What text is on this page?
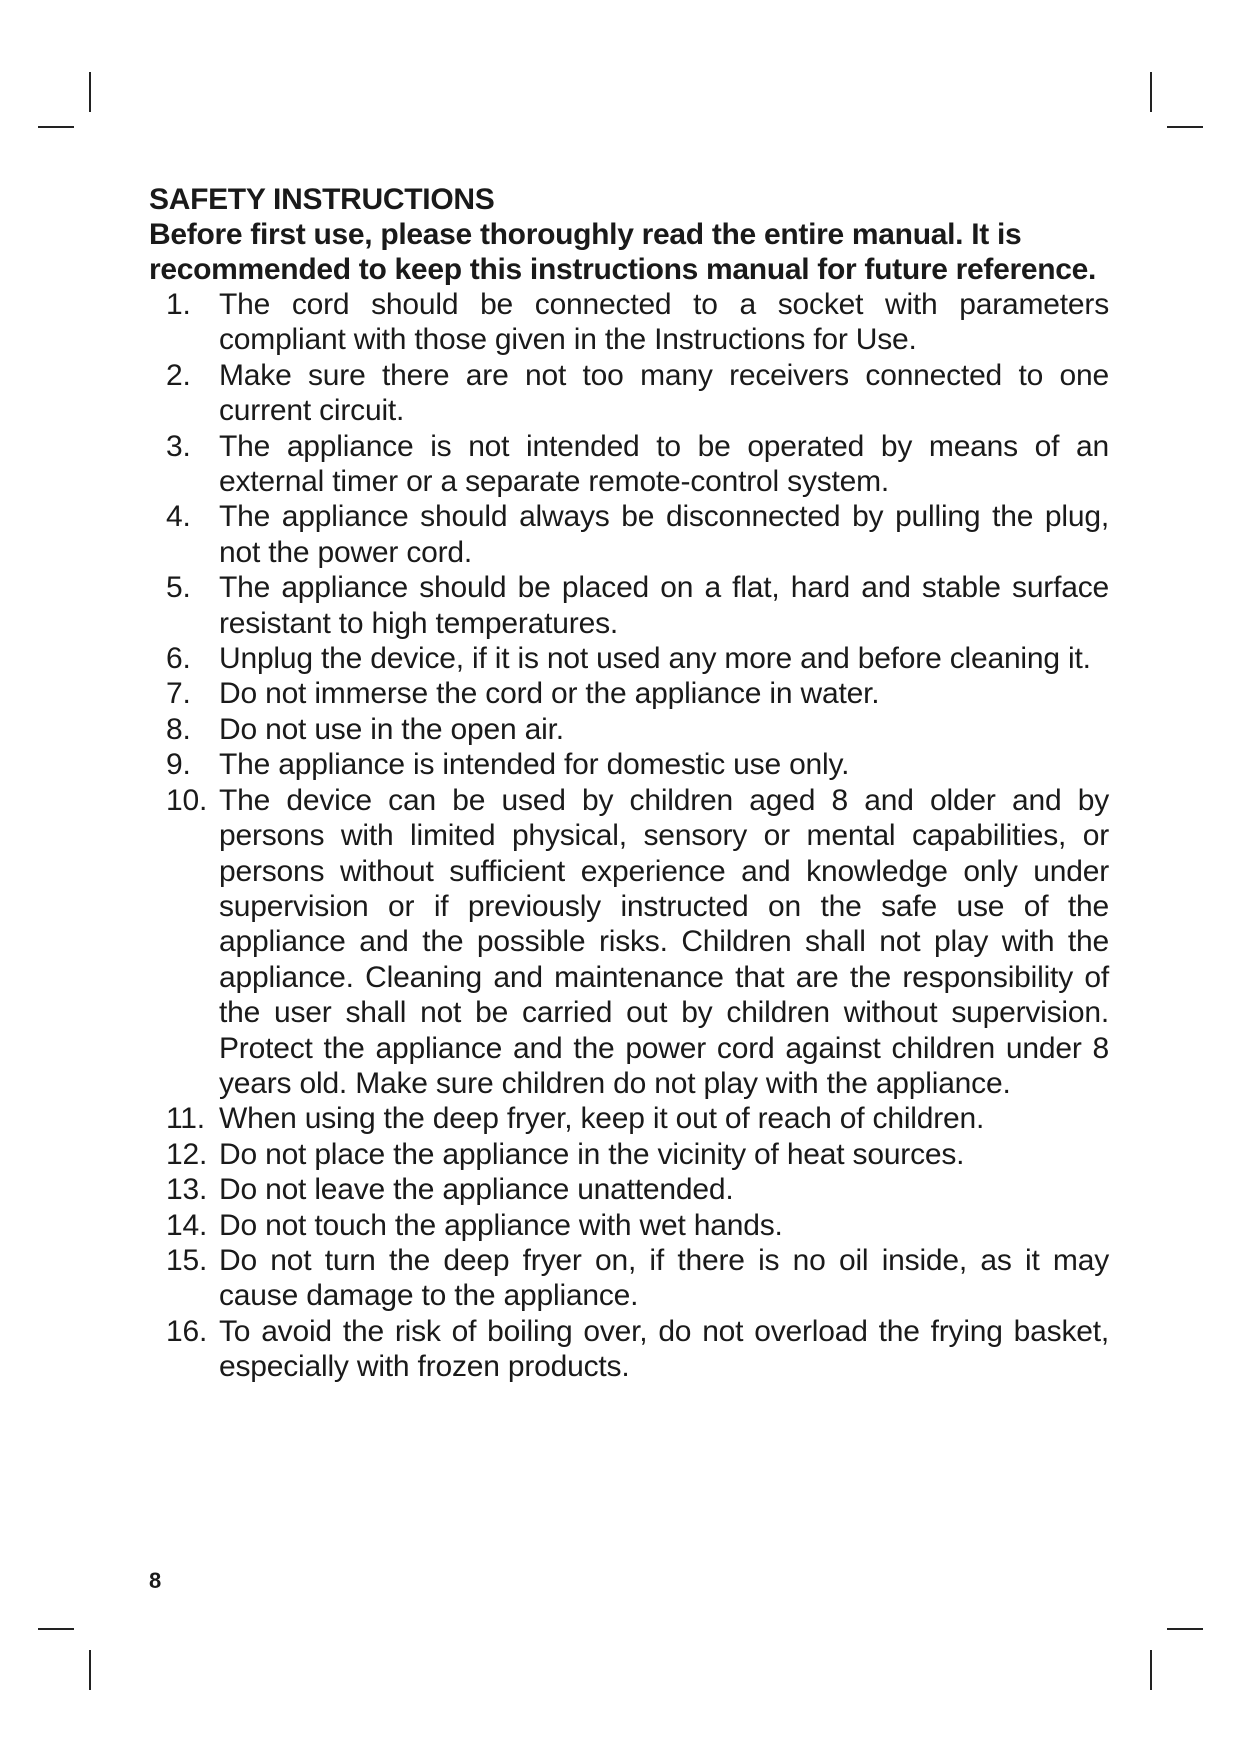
SAFETY INSTRUCTIONS

Before first use, please thoroughly read the entire manual. It is recommended to keep this instructions manual for future reference.

1. The cord should be connected to a socket with parameters compliant with those given in the Instructions for Use.
2. Make sure there are not too many receivers connected to one current circuit.
3. The appliance is not intended to be operated by means of an external timer or a separate remote-control system.
4. The appliance should always be disconnected by pulling the plug, not the power cord.
5. The appliance should be placed on a flat, hard and stable surface resistant to high temperatures.
6. Unplug the device, if it is not used any more and before cleaning it.
7. Do not immerse the cord or the appliance in water.
8. Do not use in the open air.
9. The appliance is intended for domestic use only.
10. The device can be used by children aged 8 and older and by persons with limited physical, sensory or mental capabilities, or persons without sufficient experience and knowledge only under supervision or if previously instructed on the safe use of the appliance and the possible risks. Children shall not play with the appliance. Cleaning and maintenance that are the responsibility of the user shall not be carried out by children without supervision. Protect the appliance and the power cord against children under 8 years old. Make sure children do not play with the appliance.
11. When using the deep fryer, keep it out of reach of children.
12. Do not place the appliance in the vicinity of heat sources.
13. Do not leave the appliance unattended.
14. Do not touch the appliance with wet hands.
15. Do not turn the deep fryer on, if there is no oil inside, as it may cause damage to the appliance.
16. To avoid the risk of boiling over, do not overload the frying basket, especially with frozen products.
8
